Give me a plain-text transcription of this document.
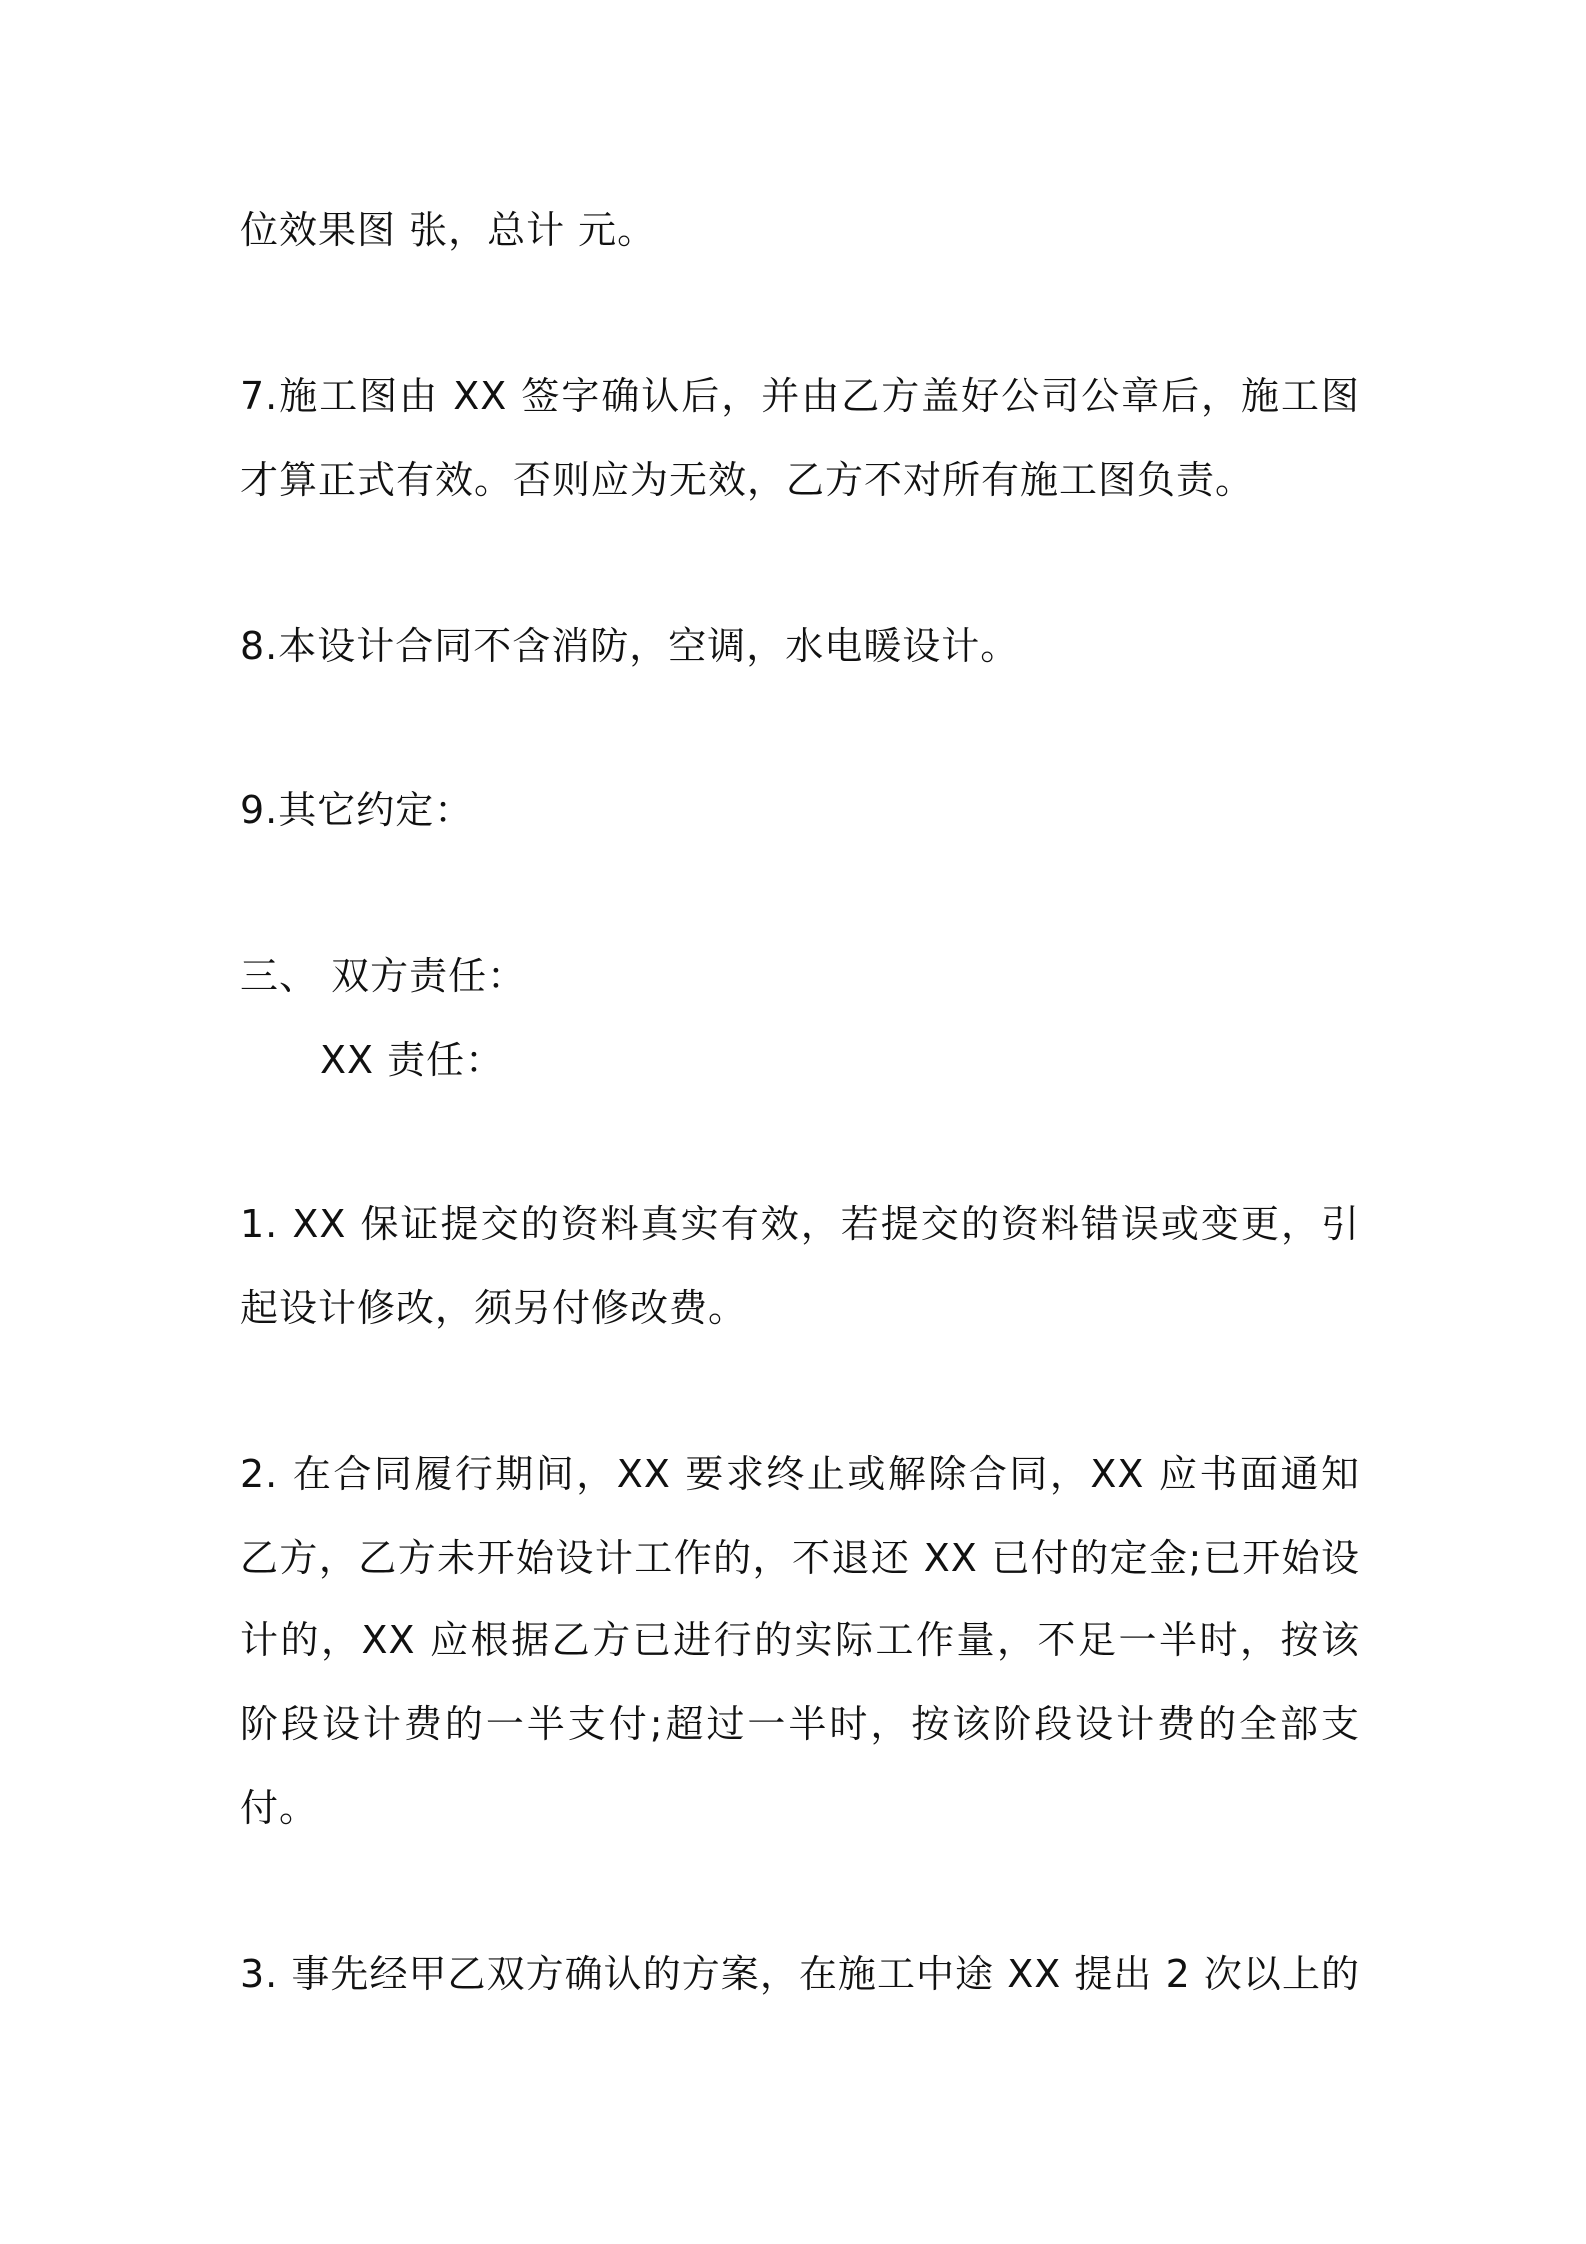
位效果图 张，总计 元。
7.施工图由 XX 签字确认后，并由乙方盖好公司公章后，施工图
才算正式有效。否则应为无效，乙方不对所有施工图负责。
8.本设计合同不含消防，空调，水电暖设计。
9.其它约定：
三、 双方责任：
XX 责任：
1. XX 保证提交的资料真实有效，若提交的资料错误或变更，引
起设计修改，须另付修改费。
2. 在合同履行期间，XX 要求终止或解除合同，XX 应书面通知
乙方，乙方未开始设计工作的，不退还 XX 已付的定金;已开始设
计的，XX 应根据乙方已进行的实际工作量，不足一半时，按该
阶段设计费的一半支付;超过一半时，按该阶段设计费的全部支
付。
3. 事先经甲乙双方确认的方案，在施工中途 XX 提出 2 次以上的
